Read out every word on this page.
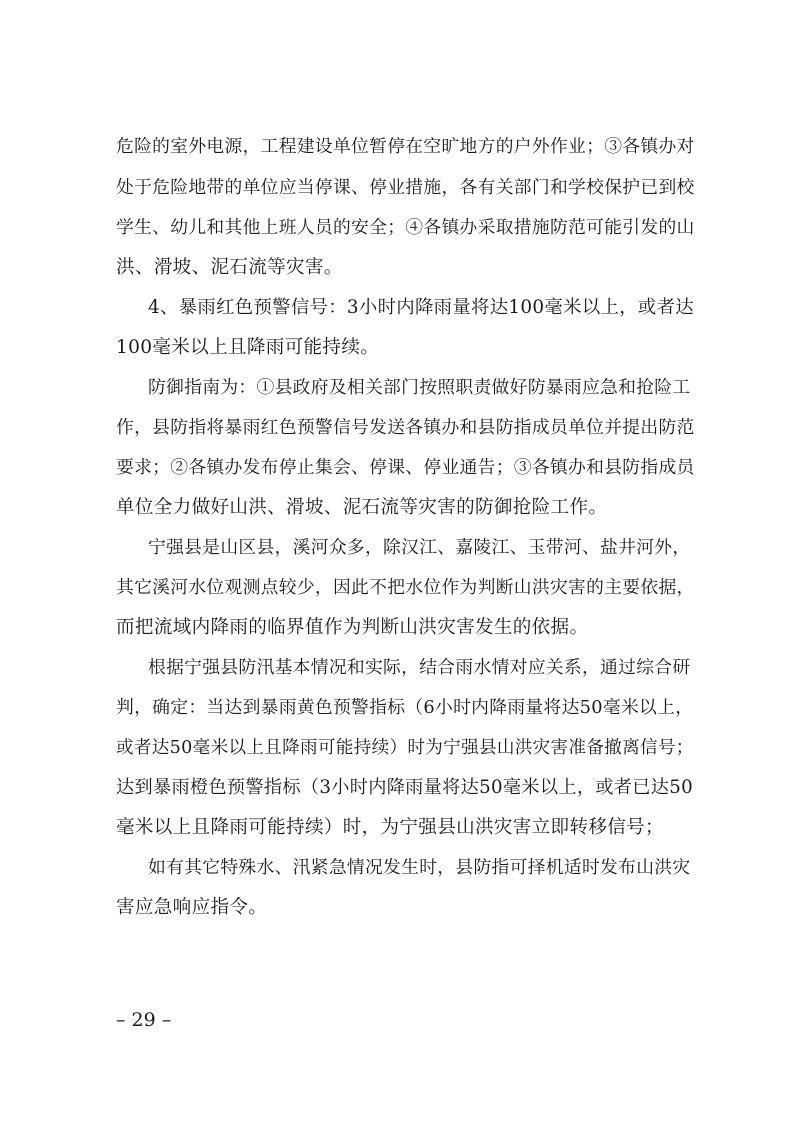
危险的室外电源，工程建设单位暂停在空旷地方的户外作业；③各镇办对
处于危险地带的单位应当停课、停业措施，各有关部门和学校保护已到校
学生、幼儿和其他上班人员的安全；④各镇办采取措施防范可能引发的山
洪、滑坡、泥石流等灾害。
4、暴雨红色预警信号：3小时内降雨量将达100毫米以上，或者达
100毫米以上且降雨可能持续。
防御指南为：①县政府及相关部门按照职责做好防暴雨应急和抢险工
作，县防指将暴雨红色预警信号发送各镇办和县防指成员单位并提出防范
要求；②各镇办发布停止集会、停课、停业通告；③各镇办和县防指成员
单位全力做好山洪、滑坡、泥石流等灾害的防御抢险工作。
宁强县是山区县，溪河众多，除汉江、嘉陵江、玉带河、盐井河外，
其它溪河水位观测点较少，因此不把水位作为判断山洪灾害的主要依据，
而把流域内降雨的临界值作为判断山洪灾害发生的依据。
根据宁强县防汛基本情况和实际，结合雨水情对应关系，通过综合研
判，确定：当达到暴雨黄色预警指标（6小时内降雨量将达50毫米以上，
或者达50毫米以上且降雨可能持续）时为宁强县山洪灾害准备撤离信号；
达到暴雨橙色预警指标（3小时内降雨量将达50毫米以上，或者已达50
毫米以上且降雨可能持续）时，为宁强县山洪灾害立即转移信号；
如有其它特殊水、汛紧急情况发生时，县防指可择机适时发布山洪灾
害应急响应指令。
– 29 –
